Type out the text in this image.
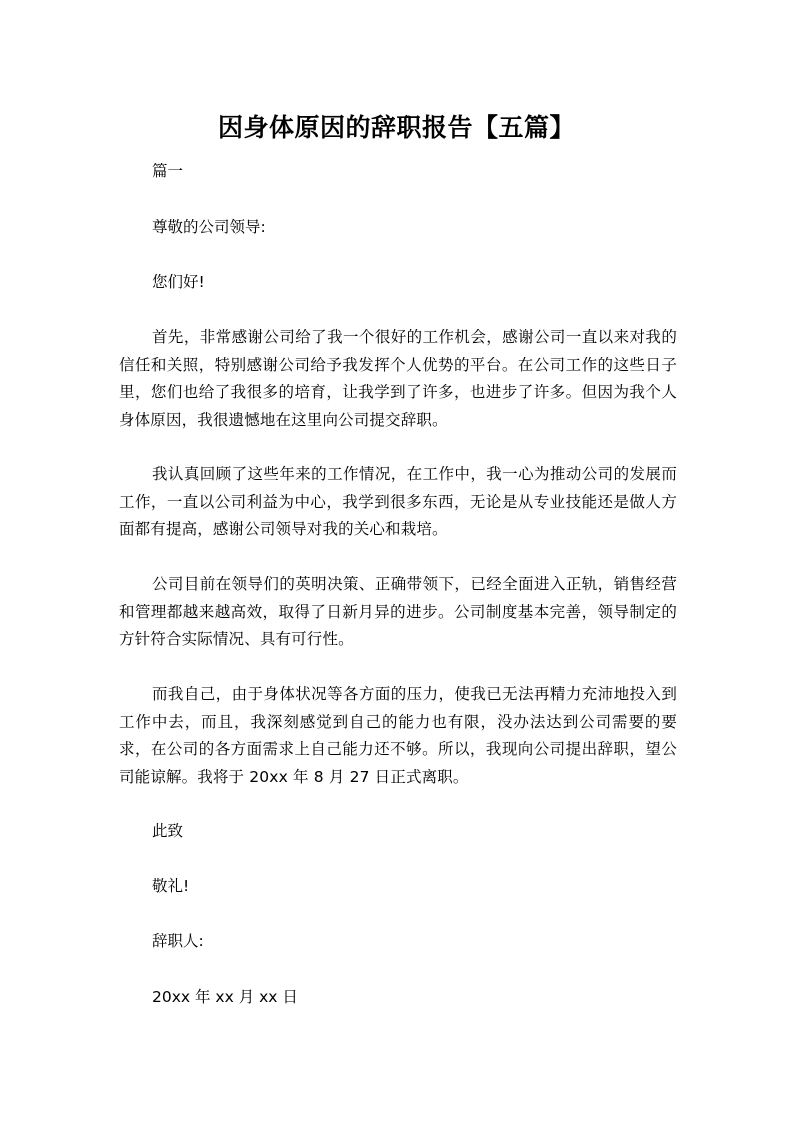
因身体原因的辞职报告【五篇】
篇一
尊敬的公司领导:
您们好!
首先，非常感谢公司给了我一个很好的工作机会，感谢公司一直以来对我的信任和关照，特别感谢公司给予我发挥个人优势的平台。在公司工作的这些日子里，您们也给了我很多的培育，让我学到了许多，也进步了许多。但因为我个人身体原因，我很遗憾地在这里向公司提交辞职。
我认真回顾了这些年来的工作情况，在工作中，我一心为推动公司的发展而工作，一直以公司利益为中心，我学到很多东西，无论是从专业技能还是做人方面都有提高，感谢公司领导对我的关心和栽培。
公司目前在领导们的英明决策、正确带领下，已经全面进入正轨，销售经营和管理都越来越高效，取得了日新月异的进步。公司制度基本完善，领导制定的方针符合实际情况、具有可行性。
而我自己，由于身体状况等各方面的压力，使我已无法再精力充沛地投入到工作中去，而且，我深刻感觉到自己的能力也有限，没办法达到公司需要的要求，在公司的各方面需求上自己能力还不够。所以，我现向公司提出辞职，望公司能谅解。我将于 20xx 年 8 月 27 日正式离职。
此致
敬礼!
辞职人:
20xx 年 xx 月 xx 日
